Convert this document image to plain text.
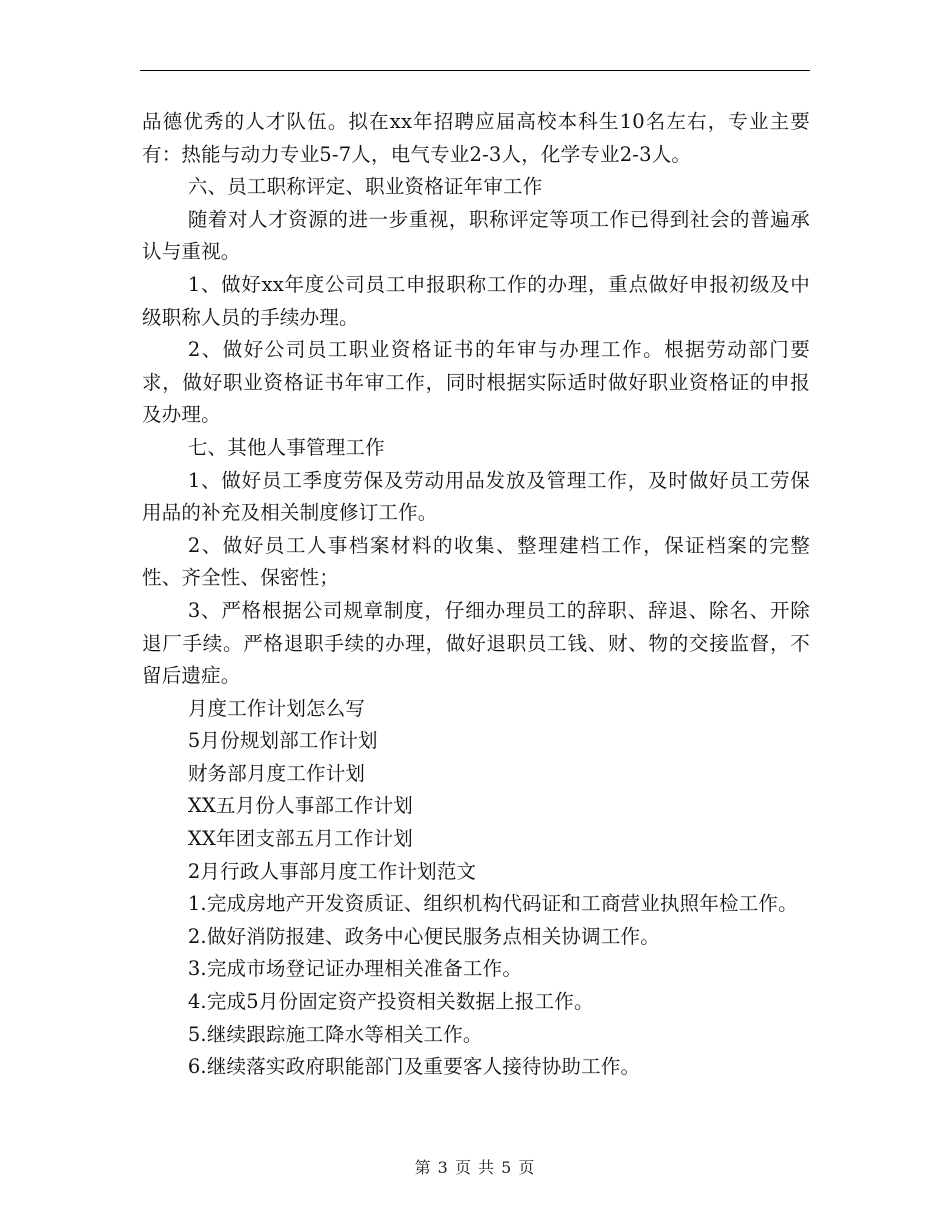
品德优秀的人才队伍。拟在xx年招聘应届高校本科生10名左右，专业主要有：热能与动力专业5-7人，电气专业2-3人，化学专业2-3人。

六、员工职称评定、职业资格证年审工作

随着对人才资源的进一步重视，职称评定等项工作已得到社会的普遍承认与重视。

1、做好xx年度公司员工申报职称工作的办理，重点做好申报初级及中级职称人员的手续办理。

2、做好公司员工职业资格证书的年审与办理工作。根据劳动部门要求，做好职业资格证书年审工作，同时根据实际适时做好职业资格证的申报及办理。

七、其他人事管理工作

1、做好员工季度劳保及劳动用品发放及管理工作，及时做好员工劳保用品的补充及相关制度修订工作。

2、做好员工人事档案材料的收集、整理建档工作，保证档案的完整性、齐全性、保密性；

3、严格根据公司规章制度，仔细办理员工的辞职、辞退、除名、开除退厂手续。严格退职手续的办理，做好退职员工钱、财、物的交接监督，不留后遗症。

月度工作计划怎么写

5月份规划部工作计划

财务部月度工作计划

XX五月份人事部工作计划

XX年团支部五月工作计划

2月行政人事部月度工作计划范文

1.完成房地产开发资质证、组织机构代码证和工商营业执照年检工作。

2.做好消防报建、政务中心便民服务点相关协调工作。

3.完成市场登记证办理相关准备工作。

4.完成5月份固定资产投资相关数据上报工作。

5.继续跟踪施工降水等相关工作。

6.继续落实政府职能部门及重要客人接待协助工作。

第 3 页 共 5 页
